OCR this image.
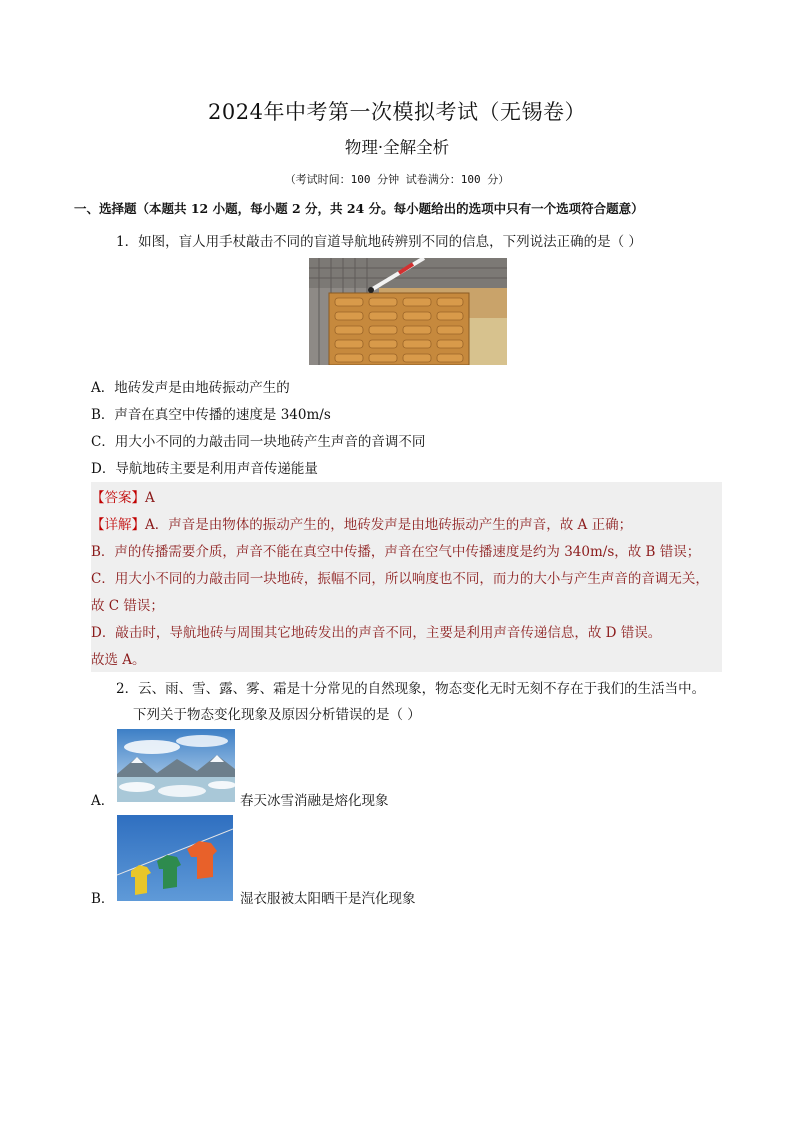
2024年中考第一次模拟考试（无锡卷）
物理·全解全析
（考试时间：100 分钟 试卷满分：100 分）
一、选择题（本题共 12 小题，每小题 2 分，共 24 分。每小题给出的选项中只有一个选项符合题意）
1．如图，盲人用手杖敲击不同的盲道导航地砖辨别不同的信息，下列说法正确的是（ ）
A．地砖发声是由地砖振动产生的
B．声音在真空中传播的速度是 340m/s
C．用大小不同的力敲击同一块地砖产生声音的音调不同
D．导航地砖主要是利用声音传递能量
【答案】A
【详解】A．声音是由物体的振动产生的，地砖发声是由地砖振动产生的声音，故 A 正确；
B．声的传播需要介质，声音不能在真空中传播，声音在空气中传播速度是约为 340m/s，故 B 错误；
C．用大小不同的力敲击同一块地砖，振幅不同，所以响度也不同，而力的大小与产生声音的音调无关，
故 C 错误；
D．敲击时，导航地砖与周围其它地砖发出的声音不同，主要是利用声音传递信息，故 D 错误。
故选 A。
2．云、雨、雪、露、雾、霜是十分常见的自然现象，物态变化无时无刻不存在于我们的生活当中。
下列关于物态变化现象及原因分析错误的是（ ）
A．	春天冰雪消融是熔化现象
B．	湿衣服被太阳晒干是汽化现象
